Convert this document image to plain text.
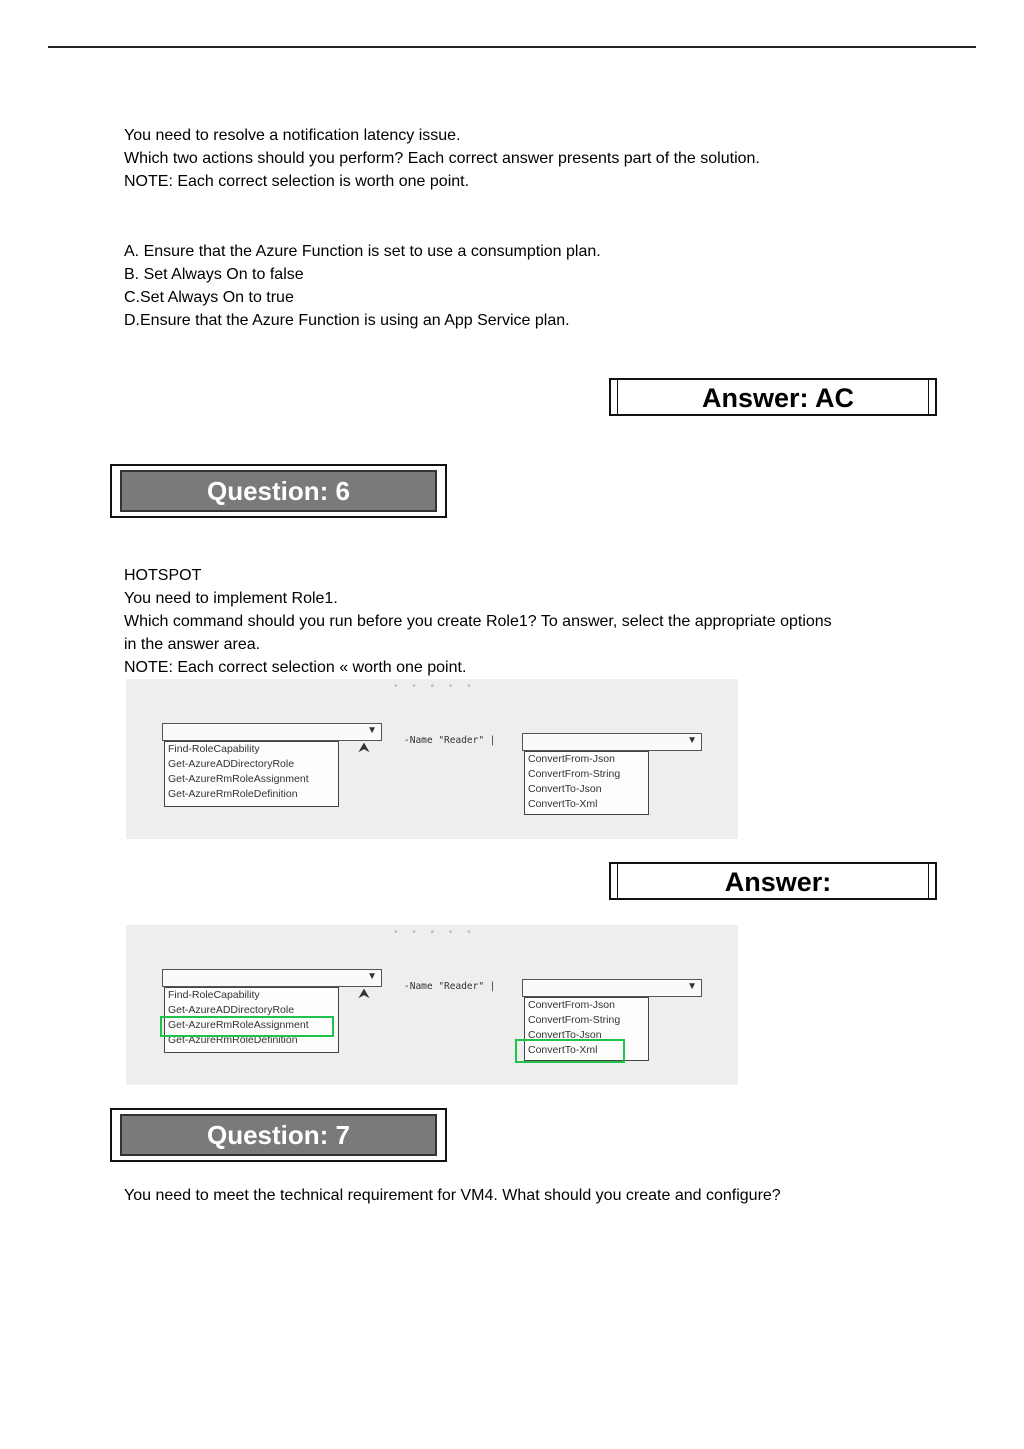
You need to resolve a notification latency issue.

Which two actions should you perform? Each correct answer presents part of the solution.

NOTE: Each correct selection is worth one point.

A. Ensure that the Azure Function is set to use a consumption plan.

B. Set Always On to false

C.Set Always On to true

D.Ensure that the Azure Function is using an App Service plan.

Answer: AC
Question: 6

HOTSPOT

You need to implement Role1.

Which command should you run before you create Role1? To answer, select the appropriate options

in the answer area.

NOTE: Each correct selection « worth one point.

• • • • •
▼
⮝
Find-RoleCapability
Get-AzureADDirectoryRole
Get-AzureRmRoleAssignment
Get-AzureRmRoleDefinition
-Name "Reader" |	▼
ConvertFrom-Json
ConvertFrom-String
ConvertTo-Json
ConvertTo-Xml
Answer:
• • • • •
▼
⮝
Find-RoleCapability
Get-AzureADDirectoryRole
Get-AzureRmRoleAssignment
Get-AzureRmRoleDefinition
-Name "Reader" |	▼
ConvertFrom-Json
ConvertFrom-String
ConvertTo-Json
ConvertTo-Xml
Question: 7

You need to meet the technical requirement for VM4. What should you create and configure?
